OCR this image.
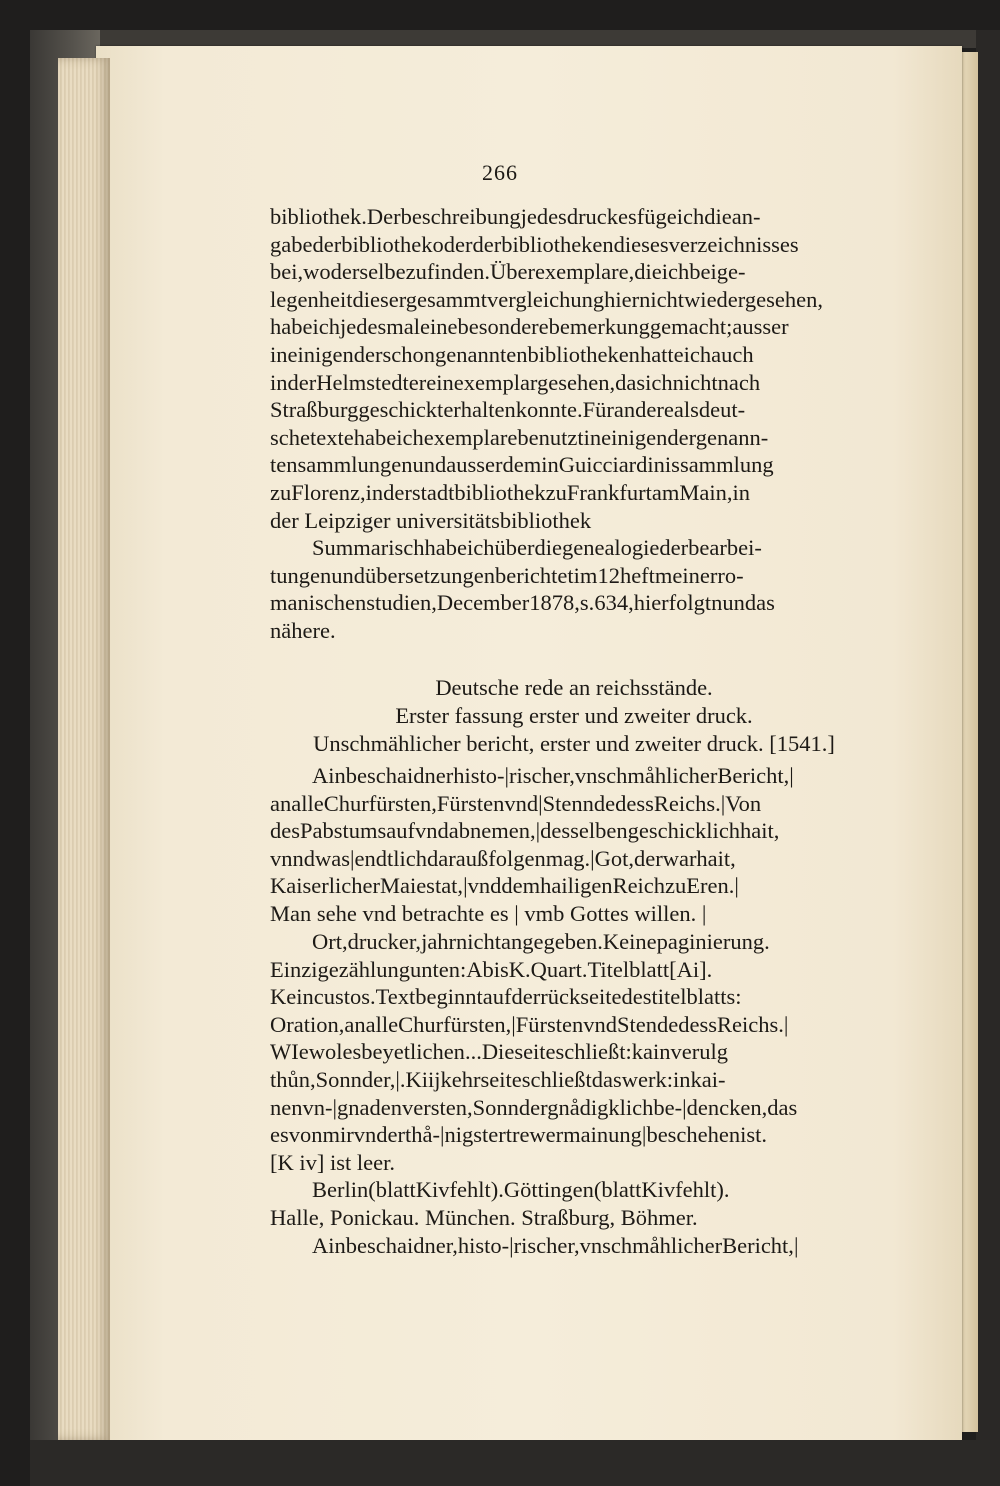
266
bibliothek.Derbeschreibungjedesdruckesfügeichdiean-
gabederbibliothekoderderbibliothekendiesesverzeichnisses
bei,woderselbezufinden.Überexemplare,dieichbeige-
legenheitdiesergesammtvergleichunghiernichtwiedergesehen,
habeichjedesmaleinebesonderebemerkunggemacht;ausser
ineinigenderschongenanntenbibliothekenhatteichauch
inderHelmstedtereinexemplargesehen,dasichnichtnach
Straßburggeschickterhaltenkonnte.Füranderealsdeut-
schetextehabeichexemplarebenutztineinigendergenann-
tensammlungenundausserdeminGuicciardinissammlung
zuFlorenz,inderstadtbibliothekzuFrankfurtamMain,in
der Leipziger universitätsbibliothek
Summarischhabeichüberdiegenealogiederbearbei-
tungenundübersetzungenberichtetim12heftmeinerro-
manischenstudien,December1878,s.634,hierfolgtnundas
nähere.
Deutsche rede an reichsstände.
Erster fassung erster und zweiter druck.
Unschmählicher bericht, erster und zweiter druck. [1541.]
Ainbeschaidnerhisto-|rischer,vnschmåhlicherBericht,|
analleChurfürsten,Fürstenvnd|StenndedessReichs.|Von
desPabstumsaufvndabnemen,|desselbengeschicklichhait,
vnndwas|endtlichdaraußfolgenmag.|Got,derwarhait,
KaiserlicherMaiestat,|vnddemhailigenReichzuEren.|
Man sehe vnd betrachte es | vmb Gottes willen. |
Ort,drucker,jahrnichtangegeben.Keinepaginierung.
Einzigezählungunten:AbisK.Quart.Titelblatt[Ai].
Keincustos.Textbeginntaufderrückseitedestitelblatts:
Oration,analleChurfürsten,|FürstenvndStendedessReichs.|
WIewolesbeyetlichen...Dieseiteschließt:kainverulg
thůn,Sonnder,|.Kiijkehrseiteschließtdaswerk:inkai-
nenvn-|gnadenversten,Sonndergnådigklichbe-|dencken,das
esvonmirvnderthå-|nigstertrewermainung|beschehenist.
[K iv] ist leer.
Berlin(blattKivfehlt).Göttingen(blattKivfehlt).
Halle, Ponickau. München. Straßburg, Böhmer.
Ainbeschaidner,histo-|rischer,vnschmåhlicherBericht,|
